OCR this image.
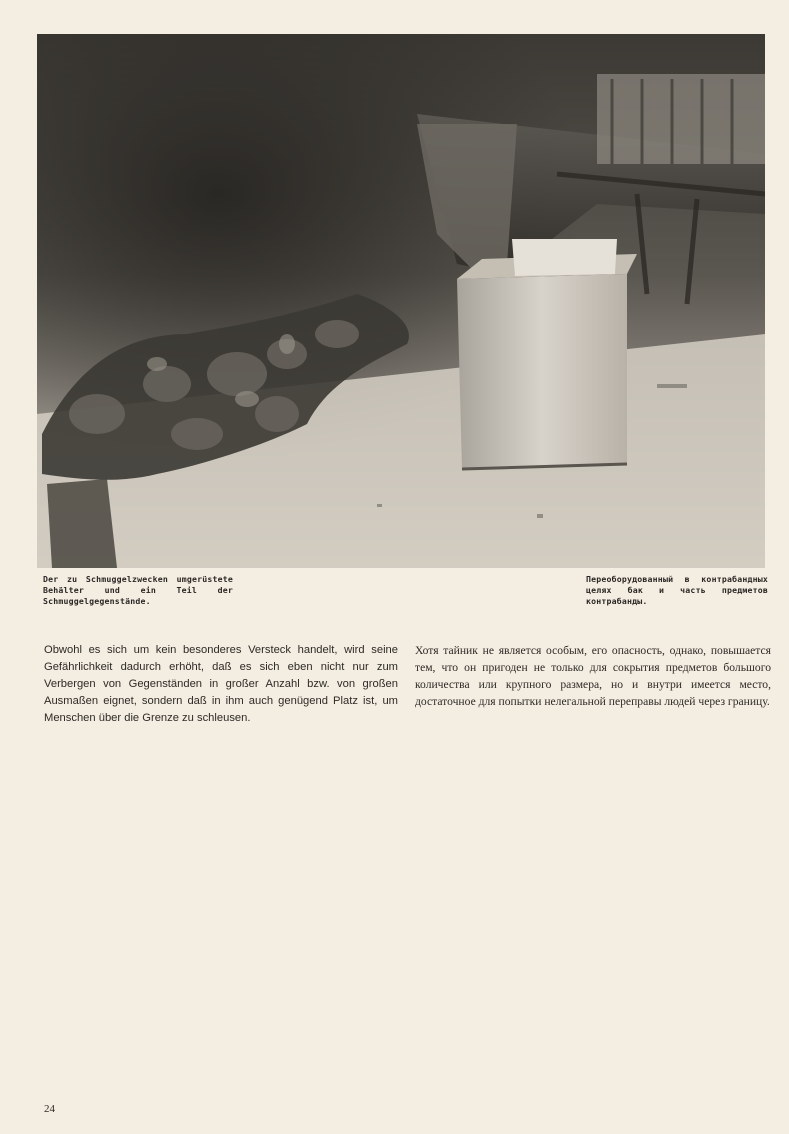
Der zu Schmuggelzwecken umgerüstete Behälter und ein Teil der Schmuggelgegenstände.

Переоборудованный в контрабандных целях бак и часть предметов контрабанды.

Obwohl es sich um kein besonderes Versteck handelt, wird seine Gefährlichkeit dadurch erhöht, daß es sich eben nicht nur zum Verbergen von Gegenständen in großer Anzahl bzw. von großen Ausmaßen eignet, sondern daß in ihm auch genügend Platz ist, um Menschen über die Grenze zu schleusen.

Хотя тайник не является особым, его опасность, однако, повышается тем, что он пригоден не только для сокрытия предметов большого количества или крупного размера, но и внутри имеется место, достаточное для попытки нелегальной переправы людей через границу.

24
